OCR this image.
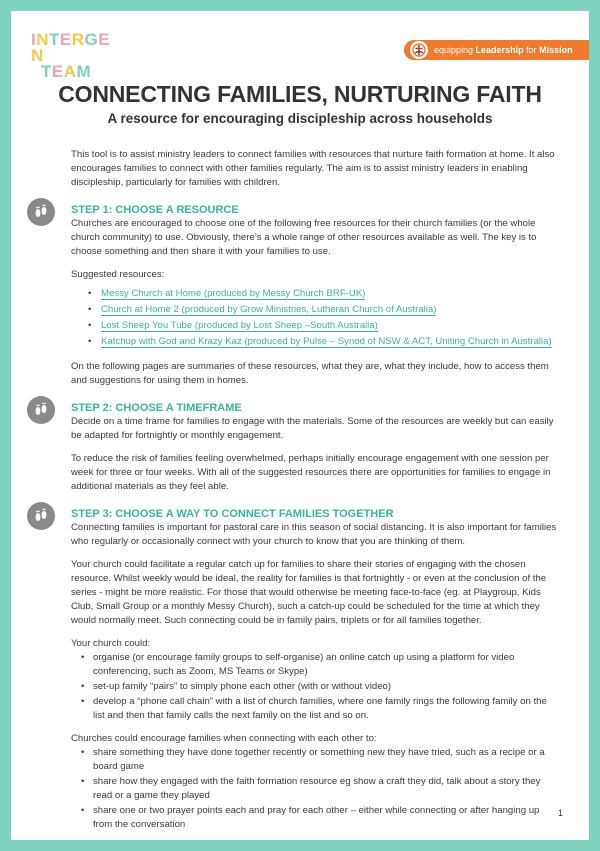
INTERGEN
TEAM
equipping Leadership for Mission
CONNECTING FAMILIES, NURTURING FAITH
A resource for encouraging discipleship across households

This tool is to assist ministry leaders to connect families with resources that nurture faith formation at home. It also encourages families to connect with other families regularly. The aim is to assist ministry leaders in enabling discipleship, particularly for families with children.

STEP 1: CHOOSE A RESOURCE

Churches are encouraged to choose one of the following free resources for their church families (or the whole church community) to use. Obviously, there’s a whole range of other resources available as well. The key is to choose something and then share it with your families to use.

Suggested resources:

• Messy Church at Home (produced by Messy Church BRF-UK)
• Church at Home 2 (produced by Grow Ministries, Lutheran Church of Australia)
• Lost Sheep You Tube (produced by Lost Sheep –South Australia)
• Katchup with God and Krazy Kaz (produced by Pulse – Synod of NSW & ACT, Uniting Church in Australia)

On the following pages are summaries of these resources, what they are, what they include, how to access them and suggestions for using them in homes.

STEP 2: CHOOSE A TIMEFRAME

Decide on a time frame for families to engage with the materials. Some of the resources are weekly but can easily be adapted for fortnightly or monthly engagement.

To reduce the risk of families feeling overwhelmed, perhaps initially encourage engagement with one session per week for three or four weeks. With all of the suggested resources there are opportunities for families to engage in additional materials as they feel able.

STEP 3: CHOOSE A WAY TO CONNECT FAMILIES TOGETHER

Connecting families is important for pastoral care in this season of social distancing. It is also important for families who regularly or occasionally connect with your church to know that you are thinking of them.

Your church could facilitate a regular catch up for families to share their stories of engaging with the chosen resource. Whilst weekly would be ideal, the reality for families is that fortnightly - or even at the conclusion of the series - might be more realistic. For those that would otherwise be meeting face-to-face (eg. at Playgroup, Kids Club, Small Group or a monthly Messy Church), such a catch-up could be scheduled for the time at which they would normally meet. Such connecting could be in family pairs, triplets or for all families together.

Your church could:

• organise (or encourage family groups to self-organise) an online catch up using a platform for video conferencing, such as Zoom, MS Teams or Skype)
• set-up family “pairs” to simply phone each other (with or without video)
• develop a “phone call chain” with a list of church families, where one family rings the following family on the list and then that family calls the next family on the list and so on.

Churches could encourage families when connecting with each other to:

• share something they have done together recently or something new they have tried, such as a recipe or a board game
• share how they engaged with the faith formation resource eg show a craft they did, talk about a story they read or a game they played
• share one or two prayer points each and pray for each other – either while connecting or after hanging up from the conversation
1
